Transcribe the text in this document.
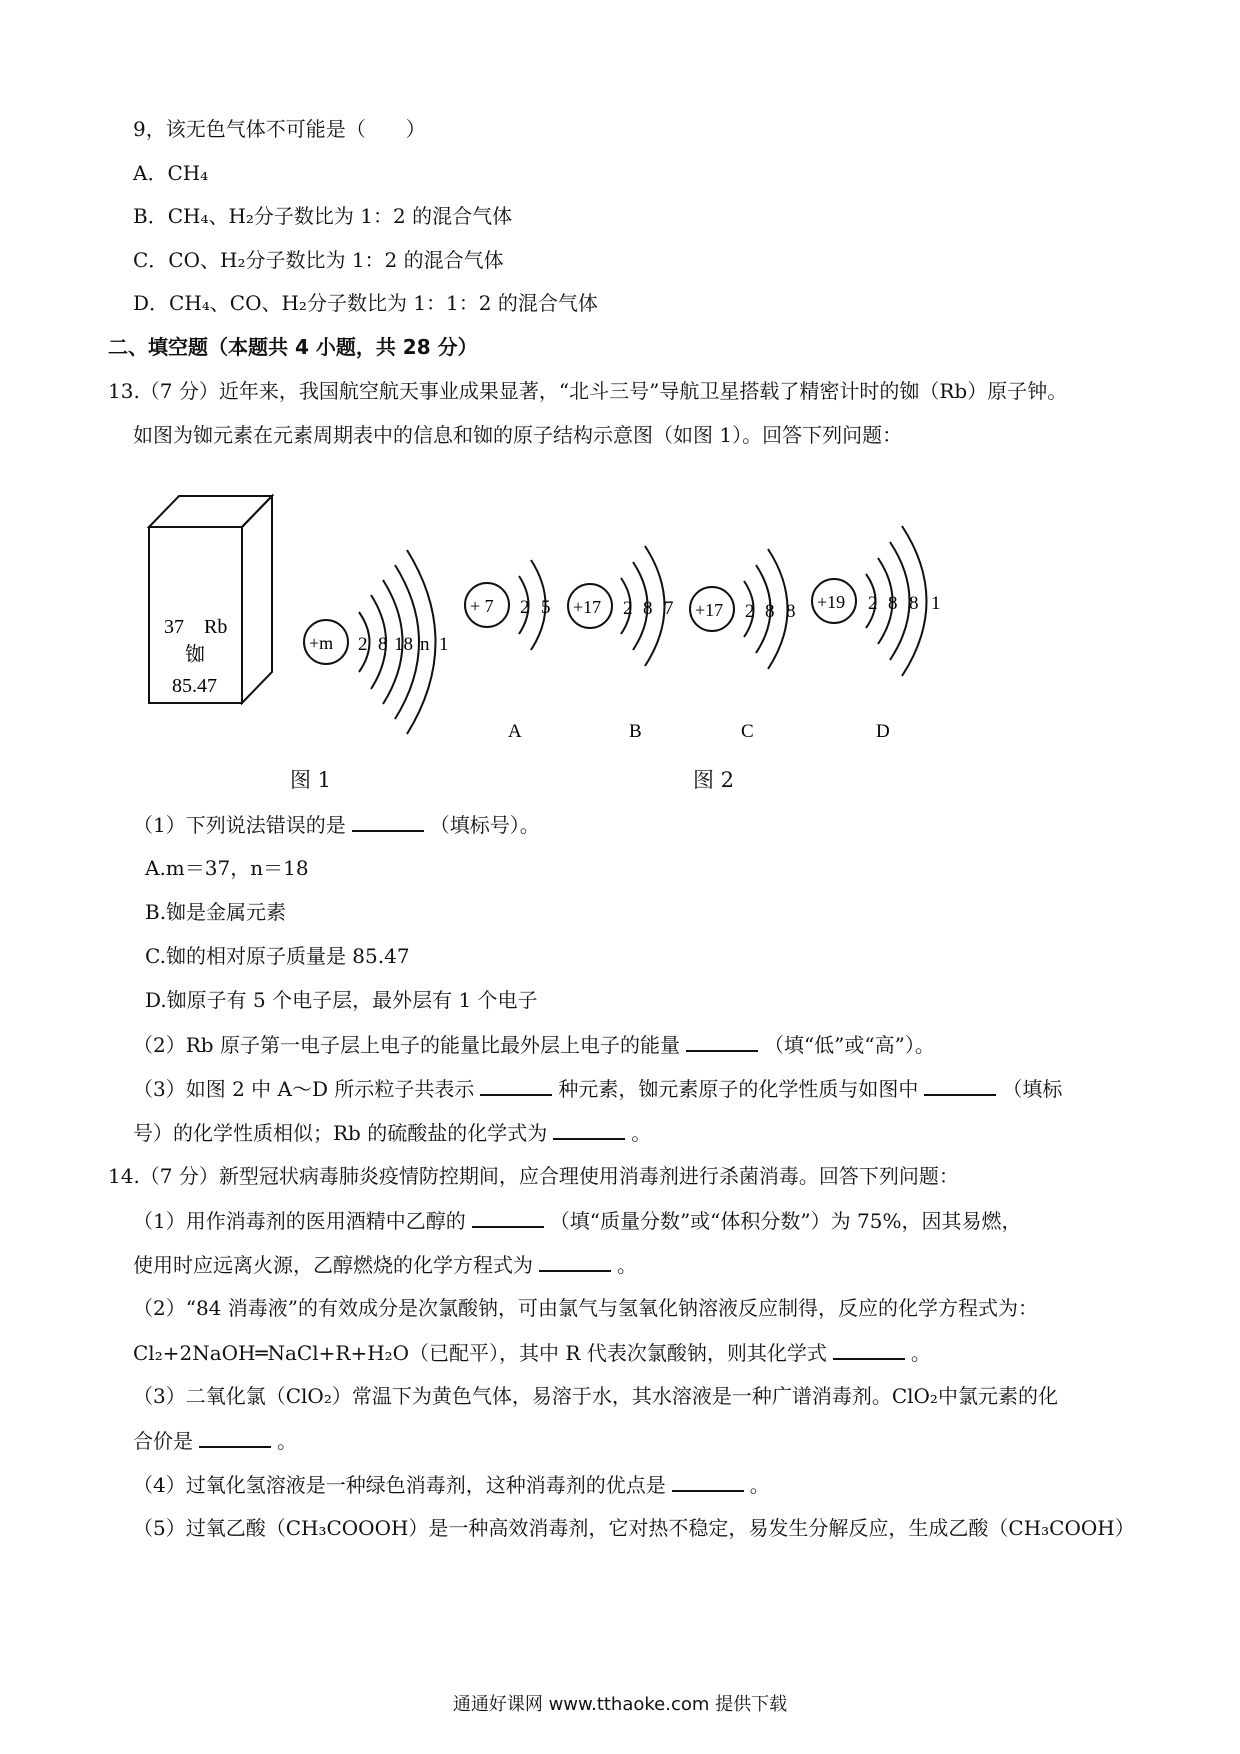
9，该无色气体不可能是（　　）
A．CH₄
B．CH₄、H₂分子数比为 1：2 的混合气体
C．CO、H₂分子数比为 1：2 的混合气体
D．CH₄、CO、H₂分子数比为 1：1：2 的混合气体
二、填空题（本题共 4 小题，共 28 分）
13.（7 分）近年来，我国航空航天事业成果显著，“北斗三号”导航卫星搭载了精密计时的铷（Rb）原子钟。
如图为铷元素在元素周期表中的信息和铷的原子结构示意图（如图 1）。回答下列问题：
37 Rb
铷
85.47
+m 2 8 18 n 1
+ 7 2 5
A
+17 2 8 7
B
+17 2 8 8
C
+19 2 8 8 1
D
图 1	图 2
（1）下列说法错误的是	（填标号）。
A.m＝37，n＝18
B.铷是金属元素
C.铷的相对原子质量是 85.47
D.铷原子有 5 个电子层，最外层有 1 个电子
（2）Rb 原子第一电子层上电子的能量比最外层上电子的能量	（填“低”或“高”）。
（3）如图 2 中 A～D 所示粒子共表示	种元素，铷元素原子的化学性质与如图中	（填标
号）的化学性质相似；Rb 的硫酸盐的化学式为	。
14.（7 分）新型冠状病毒肺炎疫情防控期间，应合理使用消毒剂进行杀菌消毒。回答下列问题：
（1）用作消毒剂的医用酒精中乙醇的	（填“质量分数”或“体积分数”）为 75%，因其易燃，
使用时应远离火源，乙醇燃烧的化学方程式为	。
（2）“84 消毒液”的有效成分是次氯酸钠，可由氯气与氢氧化钠溶液反应制得，反应的化学方程式为：
Cl₂+2NaOH═NaCl+R+H₂O（已配平），其中 R 代表次氯酸钠，则其化学式	。
（3）二氧化氯（ClO₂）常温下为黄色气体，易溶于水，其水溶液是一种广谱消毒剂。ClO₂中氯元素的化
合价是	。
（4）过氧化氢溶液是一种绿色消毒剂，这种消毒剂的优点是	。
（5）过氧乙酸（CH₃COOOH）是一种高效消毒剂，它对热不稳定，易发生分解反应，生成乙酸（CH₃COOH）
通通好课网 www.tthaoke.com 提供下载
